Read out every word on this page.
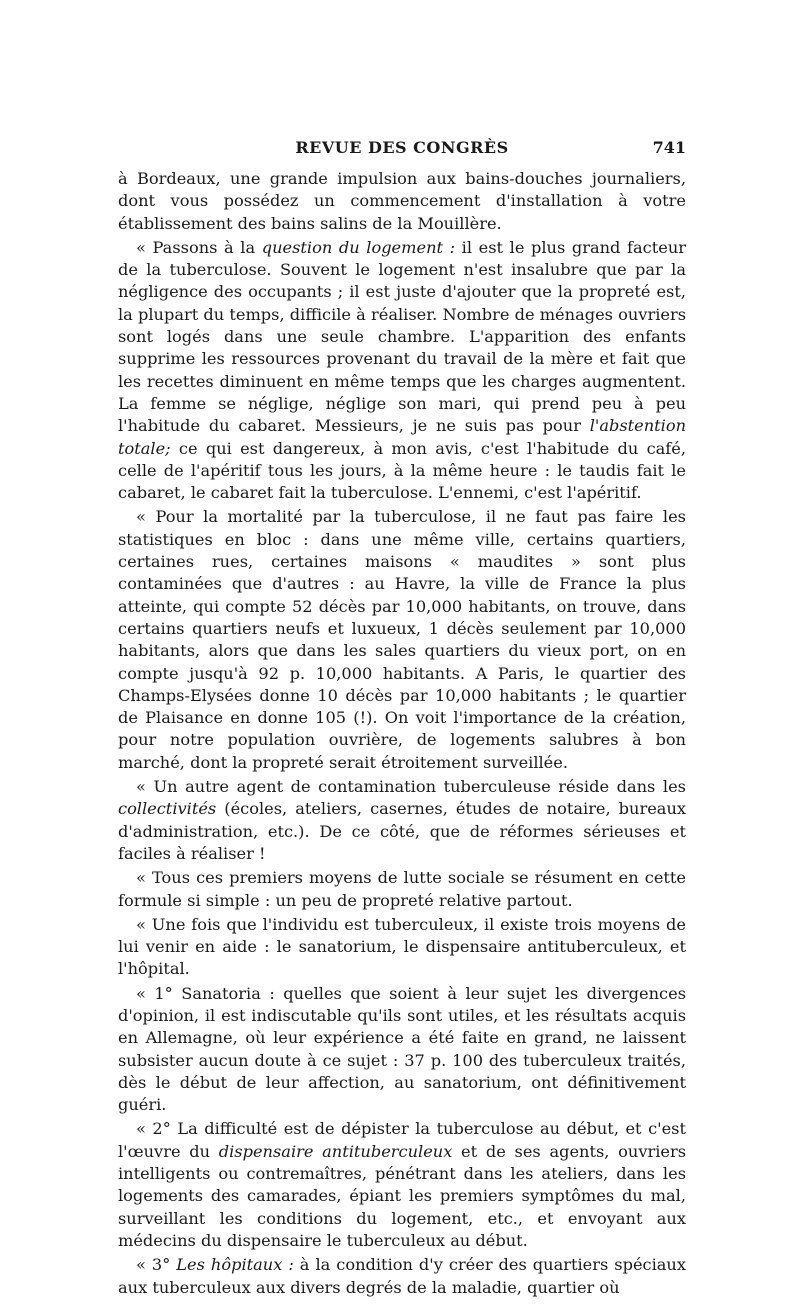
REVUE DES CONGRÈS	741

à Bordeaux, une grande impulsion aux bains-douches journaliers, dont vous possédez un commencement d'installation à votre établissement des bains salins de la Mouillère.

« Passons à la question du logement : il est le plus grand facteur de la tuberculose. Souvent le logement n'est insalubre que par la négligence des occupants ; il est juste d'ajouter que la propreté est, la plupart du temps, difficile à réaliser. Nombre de ménages ouvriers sont logés dans une seule chambre. L'apparition des enfants supprime les ressources provenant du travail de la mère et fait que les recettes diminuent en même temps que les charges augmentent. La femme se néglige, néglige son mari, qui prend peu à peu l'habitude du cabaret. Messieurs, je ne suis pas pour l'abstention totale; ce qui est dangereux, à mon avis, c'est l'habitude du café, celle de l'apéritif tous les jours, à la même heure : le taudis fait le cabaret, le cabaret fait la tuberculose. L'ennemi, c'est l'apéritif.

« Pour la mortalité par la tuberculose, il ne faut pas faire les statistiques en bloc : dans une même ville, certains quartiers, certaines rues, certaines maisons « maudites » sont plus contaminées que d'autres : au Havre, la ville de France la plus atteinte, qui compte 52 décès par 10,000 habitants, on trouve, dans certains quartiers neufs et luxueux, 1 décès seulement par 10,000 habitants, alors que dans les sales quartiers du vieux port, on en compte jusqu'à 92 p. 10,000 habitants. A Paris, le quartier des Champs-Elysées donne 10 décès par 10,000 habitants ; le quartier de Plaisance en donne 105 (!). On voit l'importance de la création, pour notre population ouvrière, de logements salubres à bon marché, dont la propreté serait étroitement surveillée.

« Un autre agent de contamination tuberculeuse réside dans les collectivités (écoles, ateliers, casernes, études de notaire, bureaux d'administration, etc.). De ce côté, que de réformes sérieuses et faciles à réaliser !

« Tous ces premiers moyens de lutte sociale se résument en cette formule si simple : un peu de propreté relative partout.

« Une fois que l'individu est tuberculeux, il existe trois moyens de lui venir en aide : le sanatorium, le dispensaire antituberculeux, et l'hôpital.

« 1° Sanatoria : quelles que soient à leur sujet les divergences d'opinion, il est indiscutable qu'ils sont utiles, et les résultats acquis en Allemagne, où leur expérience a été faite en grand, ne laissent subsister aucun doute à ce sujet : 37 p. 100 des tuberculeux traités, dès le début de leur affection, au sanatorium, ont définitivement guéri.

« 2° La difficulté est de dépister la tuberculose au début, et c'est l'œuvre du dispensaire antituberculeux et de ses agents, ouvriers intelligents ou contremaîtres, pénétrant dans les ateliers, dans les logements des camarades, épiant les premiers symptômes du mal, surveillant les conditions du logement, etc., et envoyant aux médecins du dispensaire le tuberculeux au début.

« 3° Les hôpitaux : à la condition d'y créer des quartiers spéciaux aux tuberculeux aux divers degrés de la maladie, quartier où
